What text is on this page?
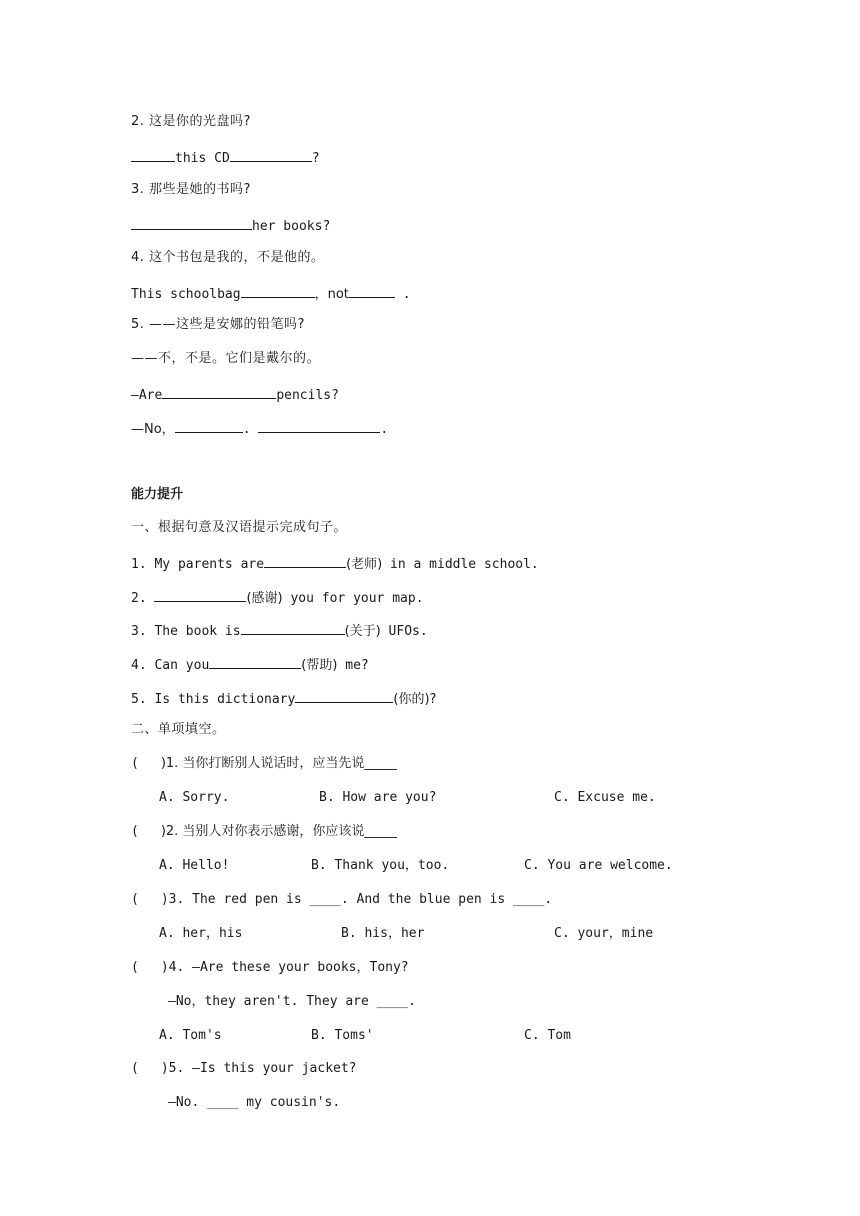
2. 这是你的光盘吗?
this CD	?
3. 那些是她的书吗?
her books?
4. 这个书包是我的，不是他的。
This schoolbag	，not	.
5. ——这些是安娜的铅笔吗?
——不，不是。它们是戴尔的。
—Are	pencils?
—No，	.	.
能力提升
一、根据句意及汉语提示完成句子。
1. My parents are	(老师) in a middle school.
2.	(感谢) you for your map.
3. The book is	(关于) UFOs.
4. Can you	(帮助) me?
5. Is this dictionary	(你的)?
二、单项填空。
( )1. 当你打断别人说话时，应当先说_____
A. Sorry.	B. How are you?	C. Excuse me.
( )2. 当别人对你表示感谢，你应该说_____
A. Hello!	B. Thank you，too.	C. You are welcome.
( )3. The red pen is ____. And the blue pen is ____.
A. her，his	B. his，her	C. your，mine
( )4. —Are these your books，Tony?
—No，they aren't. They are ____.
A. Tom's	B. Toms'	C. Tom
( )5. —Is this your jacket?
—No. ____ my cousin's.
